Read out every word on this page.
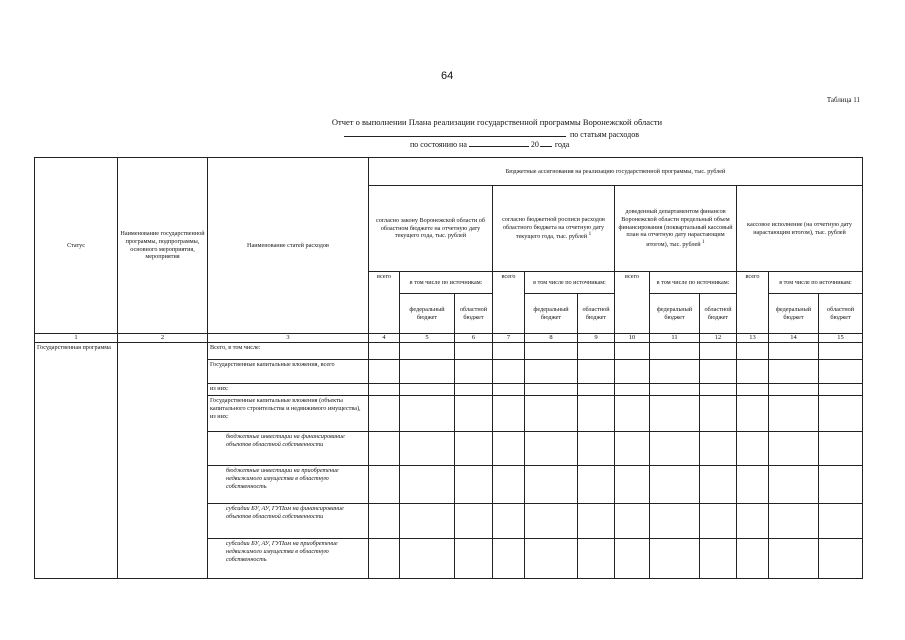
64
Таблица 11
Отчет о выполнении Плана реализации государственной программы Воронежской области
по статьям расходов
по состоянию на	20 года
Статус	Наименование государственной программы, подпрограммы, основного мероприятия, мероприятия	Наименование статей расходов	Бюджетные ассигнования на реализацию государственной программы, тыс. рублей											
			согласно закону Воронежской области об областном бюджете на отчетную дату текущего года, тыс. рублей			согласно бюджетной росписи расходов областного бюджета на отчетную дату текущего года, тыс. рублей $^1$			доведенный департаментом финансов Воронежской области предельный объем финансирования (поквартальный кассовый план на отчетную дату нарастающим итогом), тыс. рублей $^1$			кассовое исполнение (на отчетную дату нарастающим итогом), тыс. рублей		
			всего	в том числе по источникам:		всего	в том числе по источникам:		всего	в том числе по источникам:		всего	в том числе по источникам:	
				федеральный бюджет	областной бюджет		федеральный бюджет	областной бюджет		федеральный бюджет	областной бюджет		федеральный бюджет	областной бюджет
1	2	3	4	5	6	7	8	9	10	11	12	13	14	15
Государственная программа		Всего, в том числе:												
		Государственные капитальные вложения, всего												
		из них:												
		Государственные капитальные вложения (объекты капитального строительства и недвижимого имущества), из них:												
		бюджетные инвестиции на финансирование объектов областной собственности												
		бюджетные инвестиции на приобретение недвижимого имущества в областную собственность												
		субсидии БУ, АУ, ГУПам на финансирование объектов областной собственности												
		субсидии БУ, АУ, ГУПам на приобретение недвижимого имущества в областную собственность												
